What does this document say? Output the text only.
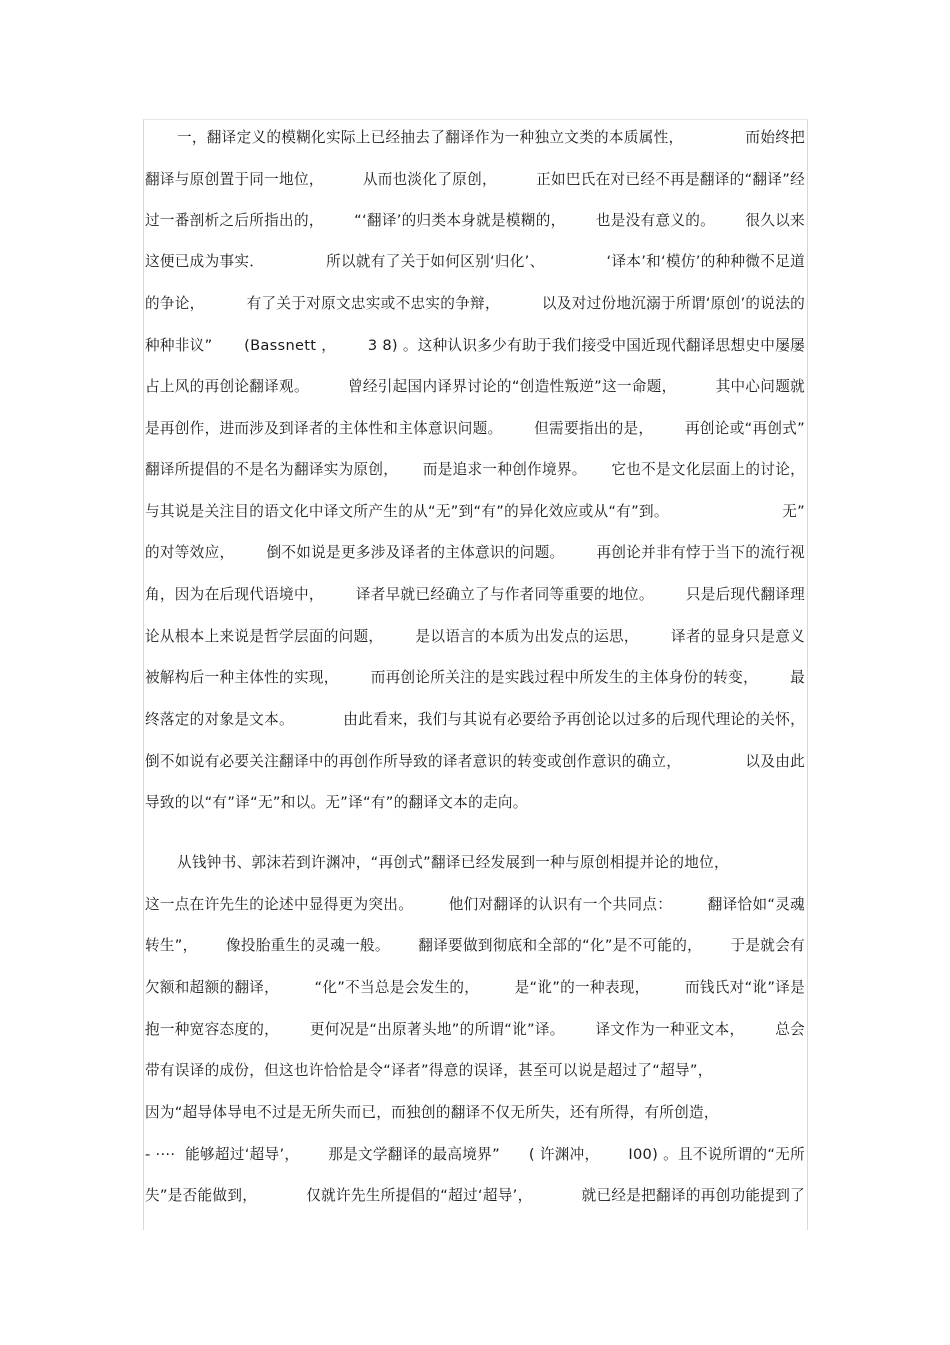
一，翻译定义的模糊化实际上已经抽去了翻译作为一种独立文类的本质属性，	而始终把
翻译与原创置于同一地位，	从而也淡化了原创，	正如巴氏在对已经不再是翻译的“翻译”经
过一番剖析之后所指出的， “‘翻译’的归类本身就是模糊的， 也是没有意义的。 很久以来
这便已成为事实．	所以就有了关于如何区别‘归化’、	‘译本’和‘模仿’的种种微不足道
的争论，	有了关于对原文忠实或不忠实的争辩，	以及对过份地沉溺于所谓‘原创’的说法的
种种非议” (Bassnett ， 3 8) 。这种认识多少有助于我们接受中国近现代翻译思想史中屡屡
占上风的再创论翻译观。	曾经引起国内译界讨论的“创造性叛逆”这一命题，	其中心问题就
是再创作，进而涉及到译者的主体性和主体意识问题。 但需要指出的是， 再创论或“再创式”
翻译所提倡的不是名为翻译实为原创， 而是追求一种创作境界。 它也不是文化层面上的讨论，
与其说是关注目的语文化中译文所产生的从“无”到“有”的异化效应或从“有”到。	无”
的对等效应， 倒不如说是更多涉及译者的主体意识的问题。 再创论并非有悖于当下的流行视
角，因为在后现代语境中， 译者早就已经确立了与作者同等重要的地位。 只是后现代翻译理
论从根本上来说是哲学层面的问题， 是以语言的本质为出发点的运思， 译者的显身只是意义
被解构后一种主体性的实现， 而再创论所关注的是实践过程中所发生的主体身份的转变， 最
终落定的对象是文本。	由此看来，我们与其说有必要给予再创论以过多的后现代理论的关怀，
倒不如说有必要关注翻译中的再创作所导致的译者意识的转变或创作意识的确立，	以及由此
导致的以“有”译“无”和以。无”译“有”的翻译文本的走向。
从钱钟书、郭沫若到许渊冲，“再创式”翻译已经发展到一种与原创相提并论的地位，
这一点在许先生的论述中显得更为突出。 他们对翻译的认识有一个共同点： 翻译恰如“灵魂
转生”， 像投胎重生的灵魂一般。 翻译要做到彻底和全部的“化”是不可能的， 于是就会有
欠额和超额的翻译， “化”不当总是会发生的， 是“讹”的一种表现， 而钱氏对“讹”译是
抱一种宽容态度的， 更何况是“出原著头地”的所谓“讹”译。 译文作为一种亚文本， 总会
带有误译的成份，但这也许恰恰是令“译者”得意的误译，甚至可以说是超过了“超导”，
因为“超导体导电不过是无所失而已，而独创的翻译不仅无所失，还有所得，有所创造，
- ····  能够超过‘超导’， 那是文学翻译的最高境界” ( 许渊冲， I00) 。且不说所谓的“无所
失”是否能做到，	仅就许先生所提倡的“超过‘超导’，	就已经是把翻译的再创功能提到了
